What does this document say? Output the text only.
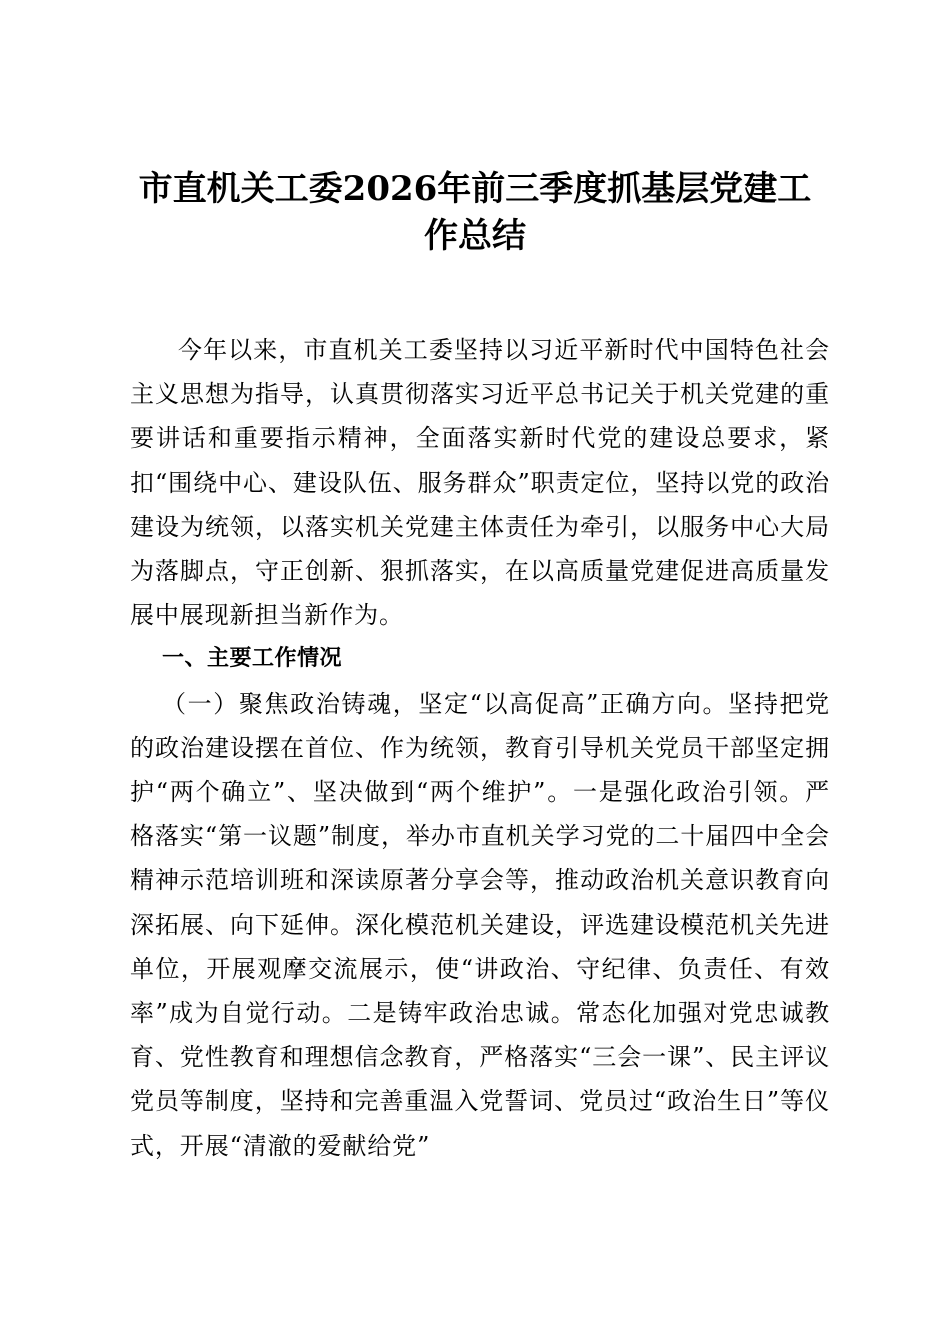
市直机关工委2026年前三季度抓基层党建工作总结

今年以来，市直机关工委坚持以习近平新时代中国特色社会主义思想为指导，认真贯彻落实习近平总书记关于机关党建的重要讲话和重要指示精神，全面落实新时代党的建设总要求，紧扣“围绕中心、建设队伍、服务群众”职责定位，坚持以党的政治建设为统领，以落实机关党建主体责任为牵引，以服务中心大局为落脚点，守正创新、狠抓落实，在以高质量党建促进高质量发展中展现新担当新作为。

一、主要工作情况

（一）聚焦政治铸魂，坚定“以高促高”正确方向。坚持把党的政治建设摆在首位、作为统领，教育引导机关党员干部坚定拥护“两个确立”、坚决做到“两个维护”。一是强化政治引领。严格落实“第一议题”制度，举办市直机关学习党的二十届四中全会精神示范培训班和深读原著分享会等，推动政治机关意识教育向深拓展、向下延伸。深化模范机关建设，评选建设模范机关先进单位，开展观摩交流展示，使“讲政治、守纪律、负责任、有效率”成为自觉行动。二是铸牢政治忠诚。常态化加强对党忠诚教育、党性教育和理想信念教育，严格落实“三会一课”、民主评议党员等制度，坚持和完善重温入党誓词、党员过“政治生日”等仪式，开展“清澈的爱献给党”
